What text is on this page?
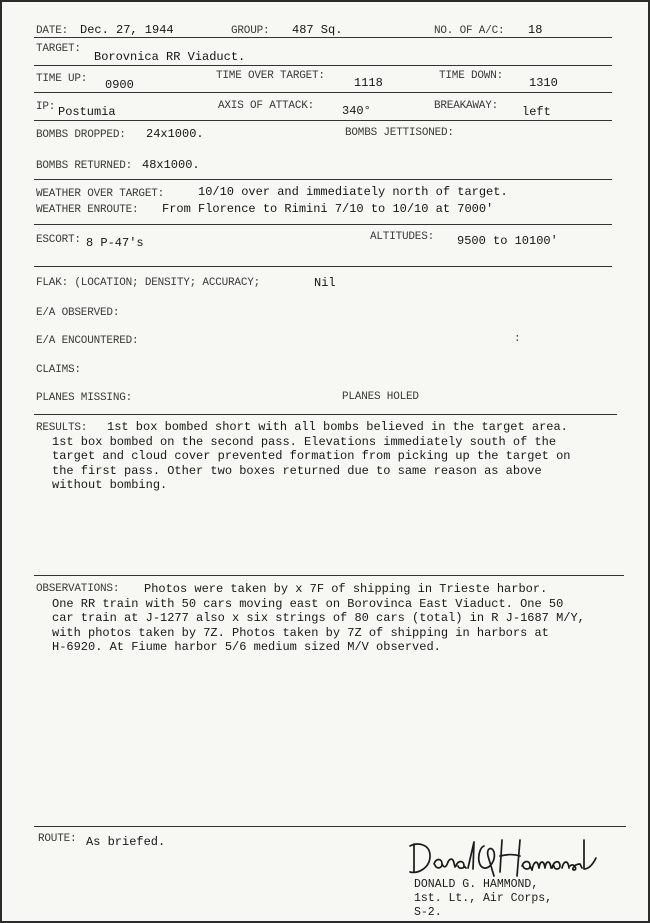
DATE: Dec. 27, 1944	GROUP: 487 Sq.	NO. OF A/C: 18
TARGET:
Borovnica RR Viaduct.
TIME UP: 0900
TIME OVER TARGET: 1118	TIME DOWN: 1310
IP: Postumia	AXIS OF ATTACK: 340°	BREAKAWAY: left
BOMBS DROPPED: 24x1000.	BOMBS JETTISONED:
BOMBS RETURNED: 48x1000.
WEATHER OVER TARGET:	10/10 over and immediately north of target.
WEATHER ENROUTE: From Florence to Rimini 7/10 to 10/10 at 7000'
ESCORT: 8 P-47's	ALTITUDES: 9500 to 10100'
FLAK: (LOCATION; DENSITY; ACCURACY;	Nil
E/A OBSERVED:
E/A ENCOUNTERED:	:
CLAIMS:
PLANES MISSING:	PLANES HOLED
RESULTS: 1st box bombed short with all bombs believed in the target area.
1st box bombed on the second pass. Elevations immediately south of the
target and cloud cover prevented formation from picking up the target on
the first pass. Other two boxes returned due to same reason as above
without bombing.
OBSERVATIONS: Photos were taken by x 7F of shipping in Trieste harbor.
One RR train with 50 cars moving east on Borovinca East Viaduct. One 50
car train at J-1277 also x six strings of 80 cars (total) in R J-1687 M/Y,
with photos taken by 7Z. Photos taken by 7Z of shipping in harbors at
H-6920. At Fiume harbor 5/6 medium sized M/V observed.
ROUTE: As briefed.
DONALD G. HAMMOND,
1st. Lt., Air Corps,
S-2.
